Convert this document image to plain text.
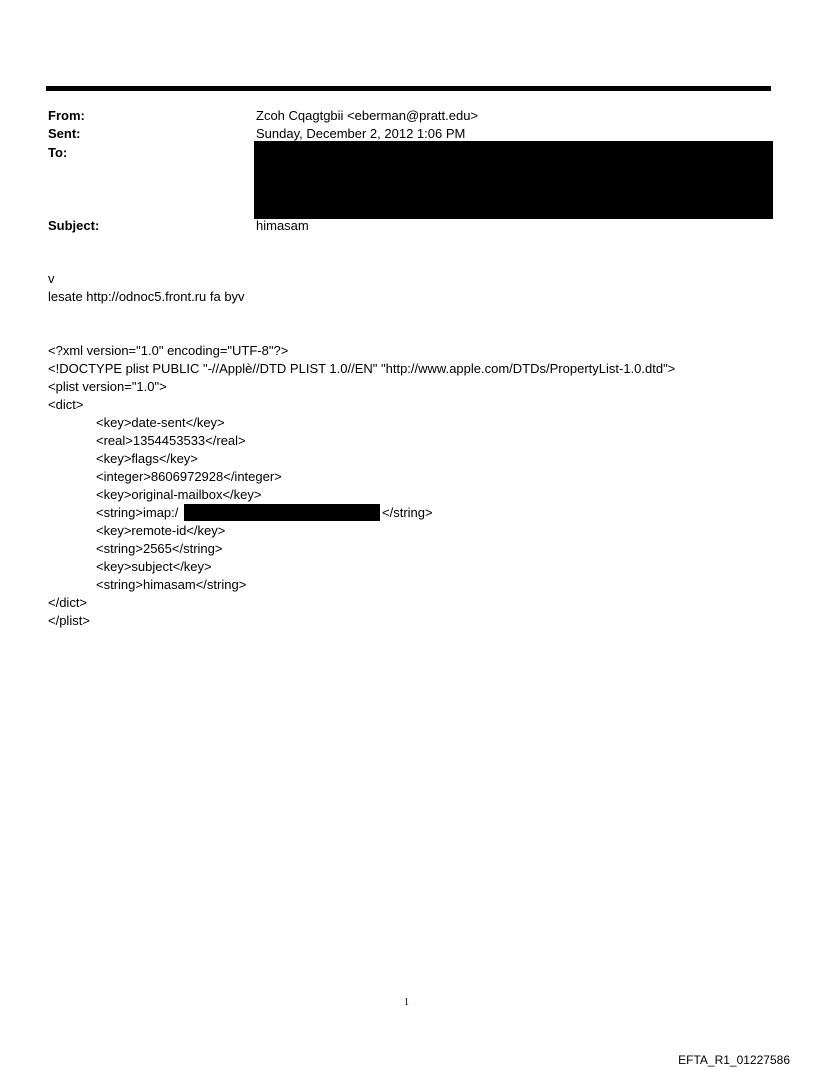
From:	Zcoh Cqagtgbii <eberman@pratt.edu>
Sent:	Sunday, December 2, 2012 1:06 PM
To:
Subject:	himasam
v
lesate http://odnoc5.front.ru fa byv
<?xml version="1.0" encoding="UTF-8"?>
<!DOCTYPE plist PUBLIC "-//Applè//DTD PLIST 1.0//EN" "http://www.apple.com/DTDs/PropertyList-1.0.dtd">
<plist version="1.0">
<dict>
<key>date-sent</key>
<real>1354453533</real>
<key>flags</key>
<integer>8606972928</integer>
<key>original-mailbox</key>
<string>imap:/	</string>
<key>remote-id</key>
<string>2565</string>
<key>subject</key>
<string>himasam</string>
</dict>
</plist>
1
EFTA_R1_01227586
